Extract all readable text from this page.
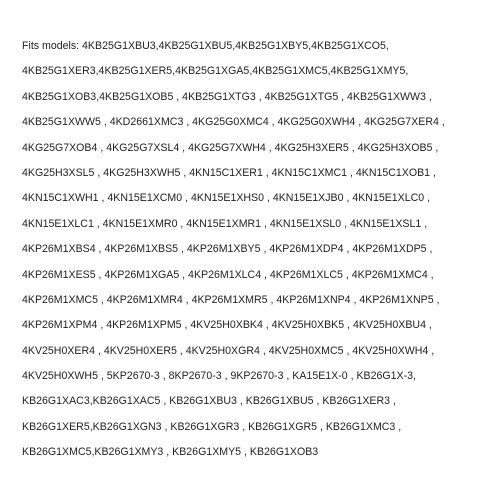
Fits models: 4KB25G1XBU3,4KB25G1XBU5,4KB25G1XBY5,4KB25G1XCO5,
4KB25G1XER3,4KB25G1XER5,4KB25G1XGA5,4KB25G1XMC5,4KB25G1XMY5,
4KB25G1XOB3,4KB25G1XOB5 , 4KB25G1XTG3 , 4KB25G1XTG5 , 4KB25G1XWW3 ,
4KB25G1XWW5 , 4KD2661XMC3 , 4KG25G0XMC4 , 4KG25G0XWH4 , 4KG25G7XER4 ,
4KG25G7XOB4 , 4KG25G7XSL4 , 4KG25G7XWH4 , 4KG25H3XER5 , 4KG25H3XOB5 ,
4KG25H3XSL5 , 4KG25H3XWH5 , 4KN15C1XER1 , 4KN15C1XMC1 , 4KN15C1XOB1 ,
4KN15C1XWH1 , 4KN15E1XCM0 , 4KN15E1XHS0 , 4KN15E1XJB0 , 4KN15E1XLC0 ,
4KN15E1XLC1 , 4KN15E1XMR0 , 4KN15E1XMR1 , 4KN15E1XSL0 , 4KN15E1XSL1 ,
4KP26M1XBS4 , 4KP26M1XBS5 , 4KP26M1XBY5 , 4KP26M1XDP4 , 4KP26M1XDP5 ,
4KP26M1XES5 , 4KP26M1XGA5 , 4KP26M1XLC4 , 4KP26M1XLC5 , 4KP26M1XMC4 ,
4KP26M1XMC5 , 4KP26M1XMR4 , 4KP26M1XMR5 , 4KP26M1XNP4 , 4KP26M1XNP5 ,
4KP26M1XPM4 , 4KP26M1XPM5 , 4KV25H0XBK4 , 4KV25H0XBK5 , 4KV25H0XBU4 ,
4KV25H0XER4 , 4KV25H0XER5 , 4KV25H0XGR4 , 4KV25H0XMC5 , 4KV25H0XWH4 ,
4KV25H0XWH5 , 5KP2670-3 , 8KP2670-3 , 9KP2670-3 , KA15E1X-0 , KB26G1X-3,
KB26G1XAC3,KB26G1XAC5 , KB26G1XBU3 , KB26G1XBU5 , KB26G1XER3 ,
KB26G1XER5,KB26G1XGN3 , KB26G1XGR3 , KB26G1XGR5 , KB26G1XMC3 ,
KB26G1XMC5,KB26G1XMY3 , KB26G1XMY5 , KB26G1XOB3
